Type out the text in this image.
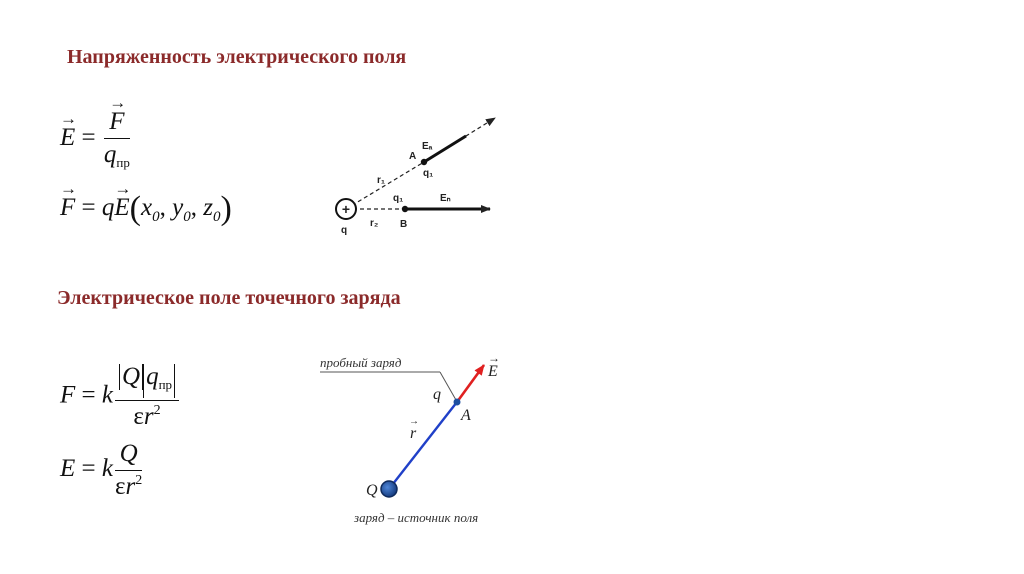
Напряженность электрического поля
→ E =
→ $\frac{F}{q_{пр}}$
→ $F = q\to E(x_0$, $y_0$, $z_0$)	+
q
r₁
r₂
A
q₁
q₁
B
Eₐ
Eₙ
Электрическое поле точечного заряда
F = k $\frac{Q q_{пр}}{\varepsilon r^2}$
E = k $\frac{Q}{\varepsilon r^2}$
пробный заряд
E
→
q
A
r
→
Q
заряд – источник поля
